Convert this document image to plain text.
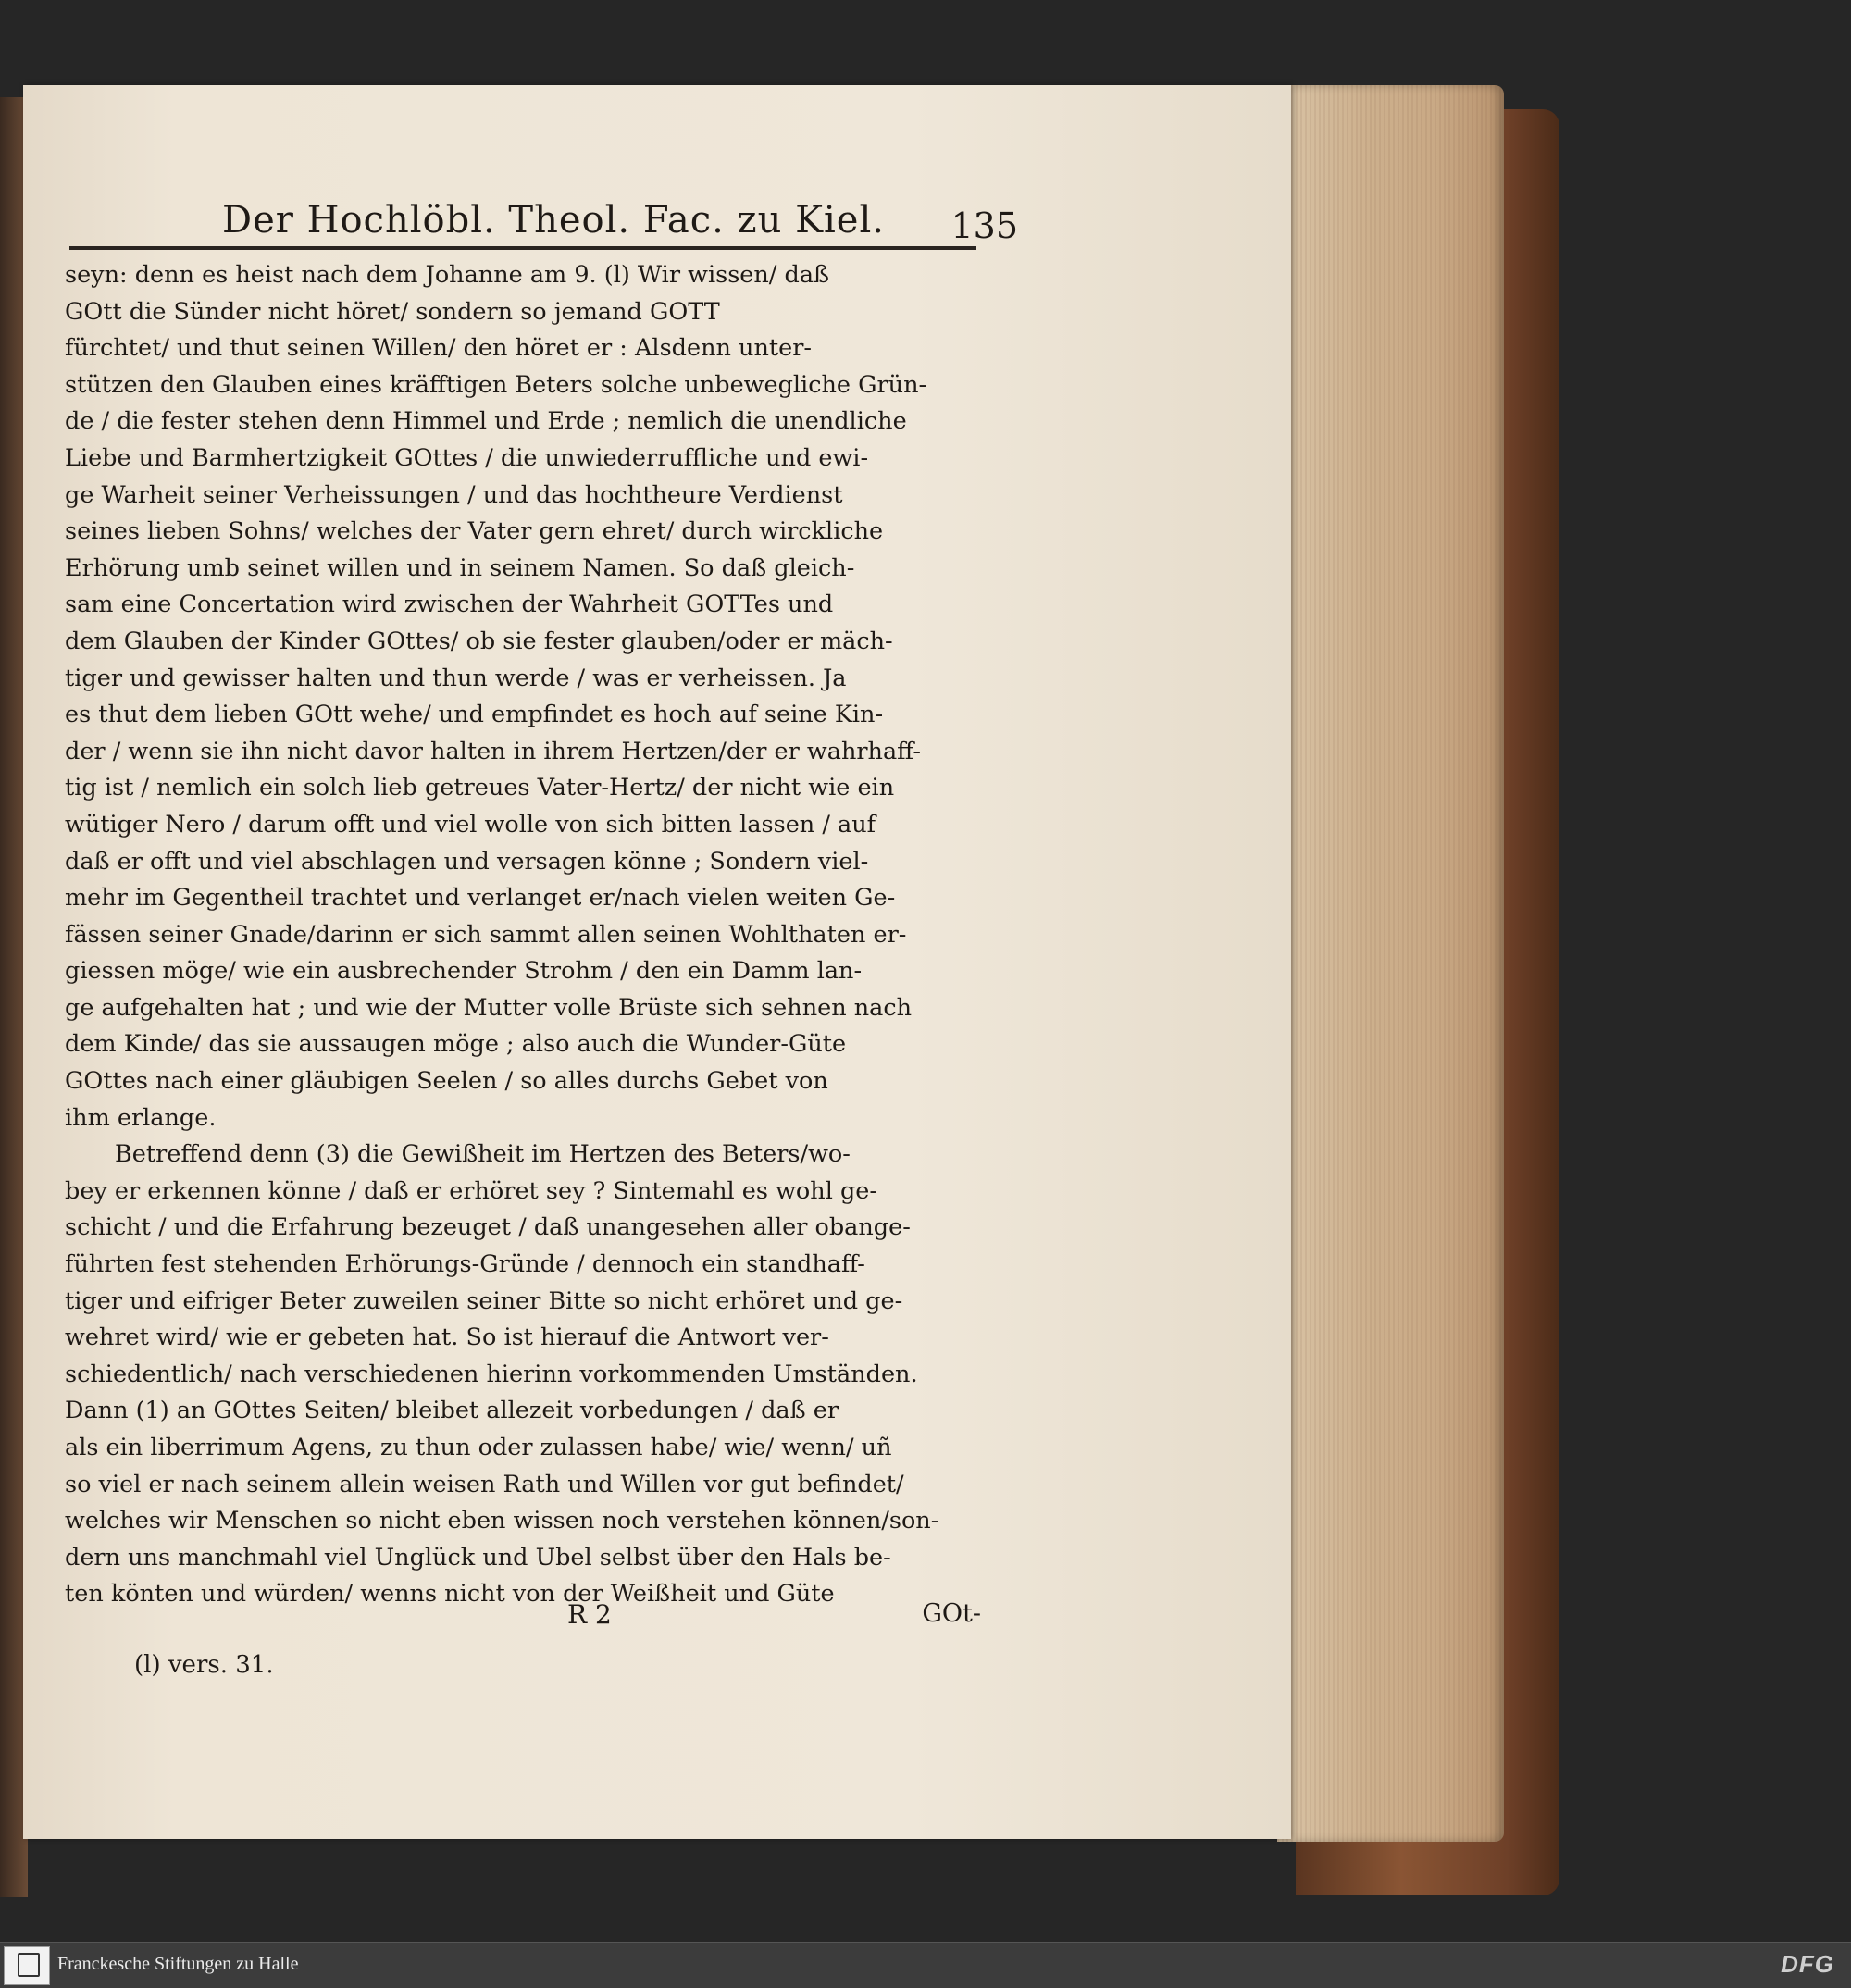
Der Hochlöbl. Theol. Fac. zu Kiel.	135
seyn: denn es heist nach dem Johanne am 9. (l) Wir wissen/ daß
GOtt die Sünder nicht höret/ sondern so jemand GOTT
fürchtet/ und thut seinen Willen/ den höret er : Alsdenn unter-
stützen den Glauben eines kräfftigen Beters solche unbewegliche Grün-
de / die fester stehen denn Himmel und Erde ; nemlich die unendliche
Liebe und Barmhertzigkeit GOttes / die unwiederruffliche und ewi-
ge Warheit seiner Verheissungen / und das hochtheure Verdienst
seines lieben Sohns/ welches der Vater gern ehret/ durch wirckliche
Erhörung umb seinet willen und in seinem Namen. So daß gleich-
sam eine Concertation wird zwischen der Wahrheit GOTTes und
dem Glauben der Kinder GOttes/ ob sie fester glauben/oder er mäch-
tiger und gewisser halten und thun werde / was er verheissen. Ja
es thut dem lieben GOtt wehe/ und empfindet es hoch auf seine Kin-
der / wenn sie ihn nicht davor halten in ihrem Hertzen/der er wahrhaff-
tig ist / nemlich ein solch lieb getreues Vater-Hertz/ der nicht wie ein
wütiger Nero / darum offt und viel wolle von sich bitten lassen / auf
daß er offt und viel abschlagen und versagen könne ; Sondern viel-
mehr im Gegentheil trachtet und verlanget er/nach vielen weiten Ge-
fässen seiner Gnade/darinn er sich sammt allen seinen Wohlthaten er-
giessen möge/ wie ein ausbrechender Strohm / den ein Damm lan-
ge aufgehalten hat ; und wie der Mutter volle Brüste sich sehnen nach
dem Kinde/ das sie aussaugen möge ; also auch die Wunder-Güte
GOttes nach einer gläubigen Seelen / so alles durchs Gebet von
ihm erlange.
Betreffend denn (3) die Gewißheit im Hertzen des Beters/wo-
bey er erkennen könne / daß er erhöret sey ? Sintemahl es wohl ge-
schicht / und die Erfahrung bezeuget / daß unangesehen aller obange-
führten fest stehenden Erhörungs-Gründe / dennoch ein standhaff-
tiger und eifriger Beter zuweilen seiner Bitte so nicht erhöret und ge-
wehret wird/ wie er gebeten hat. So ist hierauf die Antwort ver-
schiedentlich/ nach verschiedenen hierinn vorkommenden Umständen.
Dann (1) an GOttes Seiten/ bleibet allezeit vorbedungen / daß er
als ein liberrimum Agens, zu thun oder zulassen habe/ wie/ wenn/ uñ
so viel er nach seinem allein weisen Rath und Willen vor gut befindet/
welches wir Menschen so nicht eben wissen noch verstehen können/son-
dern uns manchmahl viel Unglück und Ubel selbst über den Hals be-
ten könten und würden/ wenns nicht von der Weißheit und Güte
R 2	GOt-
(l) vers. 31.
Franckesche Stiftungen zu Halle	DFG
